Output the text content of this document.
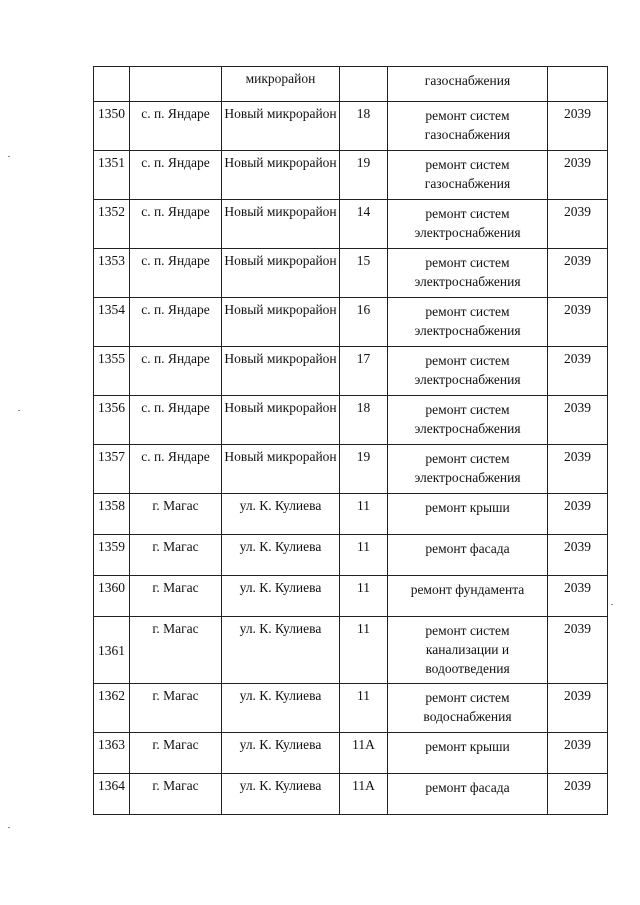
		микрорайон		газоснабжения	
1350	с. п. Яндаре	Новый микрорайон	18	ремонт систем газоснабжения	2039
1351	с. п. Яндаре	Новый микрорайон	19	ремонт систем газоснабжения	2039
1352	с. п. Яндаре	Новый микрорайон	14	ремонт систем электроснабжения	2039
1353	с. п. Яндаре	Новый микрорайон	15	ремонт систем электроснабжения	2039
1354	с. п. Яндаре	Новый микрорайон	16	ремонт систем электроснабжения	2039
1355	с. п. Яндаре	Новый микрорайон	17	ремонт систем электроснабжения	2039
1356	с. п. Яндаре	Новый микрорайон	18	ремонт систем электроснабжения	2039
1357	с. п. Яндаре	Новый микрорайон	19	ремонт систем электроснабжения	2039
1358	г. Магас	ул. К. Кулиева	11	ремонт крыши	2039
1359	г. Магас	ул. К. Кулиева	11	ремонт фасада	2039
1360	г. Магас	ул. К. Кулиева	11	ремонт фундамента	2039
1361	г. Магас	ул. К. Кулиева	11	ремонт систем канализации и водоотведения	2039
1362	г. Магас	ул. К. Кулиева	11	ремонт систем водоснабжения	2039
1363	г. Магас	ул. К. Кулиева	11А	ремонт крыши	2039
1364	г. Магас	ул. К. Кулиева	11А	ремонт фасада	2039
